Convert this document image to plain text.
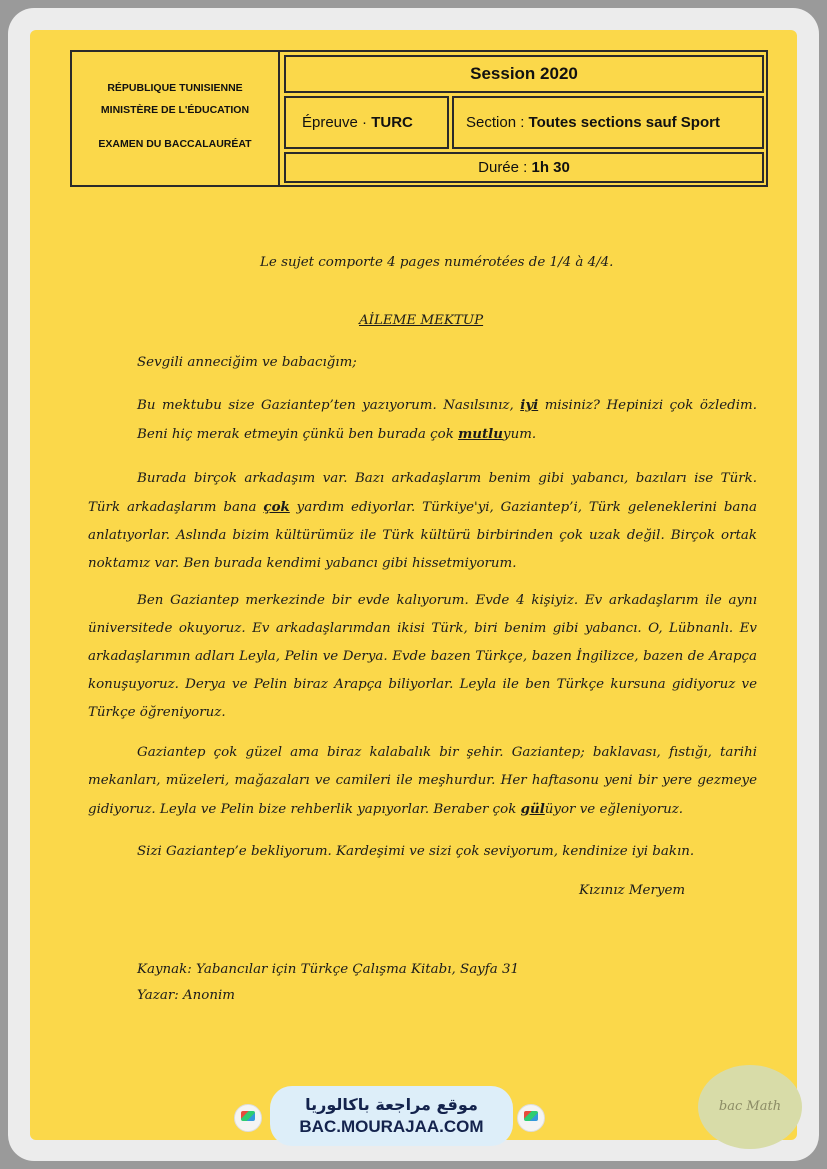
RÉPUBLIQUE TUNISIENNE
MINISTÈRE DE L'ÉDUCATION
EXAMEN DU BACCALAURÉAT
Session 2020
Épreuve · TURC	Section : Toutes sections sauf Sport
Durée : 1h 30
Le sujet comporte 4 pages numérotées de 1/4 à 4/4.
AİLEME MEKTUP
Sevgili anneciğim ve babacığım;
Bu mektubu size Gaziantep’ten yazıyorum. Nasılsınız, iyi misiniz? Hepinizi çok özledim. Beni hiç merak etmeyin çünkü ben burada çok mutluyum.
Burada birçok arkadaşım var. Bazı arkadaşlarım benim gibi yabancı, bazıları ise Türk. Türk arkadaşlarım bana çok yardım ediyorlar. Türkiye'yi, Gaziantep’i, Türk geleneklerini bana anlatıyorlar. Aslında bizim kültürümüz ile Türk kültürü birbirinden çok uzak değil. Birçok ortak noktamız var. Ben burada kendimi yabancı gibi hissetmiyorum.
Ben Gaziantep merkezinde bir evde kalıyorum. Evde 4 kişiyiz. Ev arkadaşlarım ile aynı üniversitede okuyoruz. Ev arkadaşlarımdan ikisi Türk, biri benim gibi yabancı. O, Lübnanlı. Ev arkadaşlarımın adları Leyla, Pelin ve Derya. Evde bazen Türkçe, bazen İngilizce, bazen de Arapça konuşuyoruz. Derya ve Pelin biraz Arapça biliyorlar. Leyla ile ben Türkçe kursuna gidiyoruz ve Türkçe öğreniyoruz.
Gaziantep çok güzel ama biraz kalabalık bir şehir. Gaziantep; baklavası, fıstığı, tarihi mekanları, müzeleri, mağazaları ve camileri ile meşhurdur. Her haftasonu yeni bir yere gezmeye gidiyoruz. Leyla ve Pelin bize rehberlik yapıyorlar. Beraber çok gülüyor ve eğleniyoruz.
Sizi Gaziantep’e bekliyorum. Kardeşimi ve sizi çok seviyorum, kendinize iyi bakın.
Kızınız Meryem
Kaynak: Yabancılar için Türkçe Çalışma Kitabı, Sayfa 31
Yazar: Anonim
موقع مراجعة باكالوريا
BAC.MOURAJAA.COM
bac Math
